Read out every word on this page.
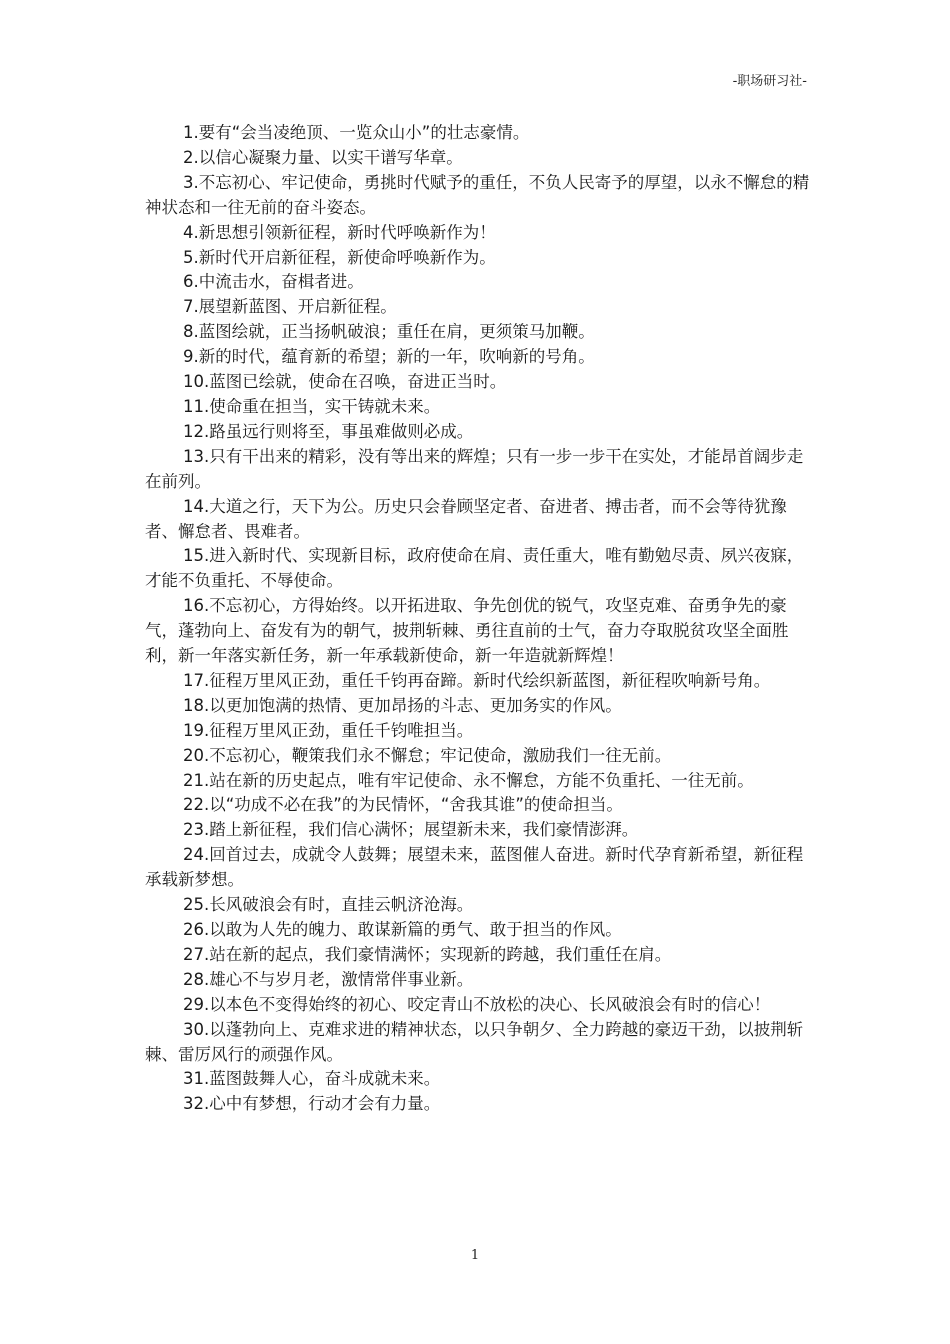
-职场研习社-
1.要有“会当凌绝顶、一览众山小”的壮志豪情。
2.以信心凝聚力量、以实干谱写华章。
3.不忘初心、牢记使命，勇挑时代赋予的重任，不负人民寄予的厚望，以永不懈怠的精神状态和一往无前的奋斗姿态。
4.新思想引领新征程，新时代呼唤新作为！
5.新时代开启新征程，新使命呼唤新作为。
6.中流击水，奋楫者进。
7.展望新蓝图、开启新征程。
8.蓝图绘就，正当扬帆破浪；重任在肩，更须策马加鞭。
9.新的时代，蕴育新的希望；新的一年，吹响新的号角。
10.蓝图已绘就，使命在召唤，奋进正当时。
11.使命重在担当，实干铸就未来。
12.路虽远行则将至，事虽难做则必成。
13.只有干出来的精彩，没有等出来的辉煌；只有一步一步干在实处，才能昂首阔步走在前列。
14.大道之行，天下为公。历史只会眷顾坚定者、奋进者、搏击者，而不会等待犹豫者、懈怠者、畏难者。
15.进入新时代、实现新目标，政府使命在肩、责任重大，唯有勤勉尽责、夙兴夜寐，才能不负重托、不辱使命。
16.不忘初心，方得始终。以开拓进取、争先创优的锐气，攻坚克难、奋勇争先的豪气，蓬勃向上、奋发有为的朝气，披荆斩棘、勇往直前的士气，奋力夺取脱贫攻坚全面胜利，新一年落实新任务，新一年承载新使命，新一年造就新辉煌！
17.征程万里风正劲，重任千钧再奋蹄。新时代绘织新蓝图，新征程吹响新号角。
18.以更加饱满的热情、更加昂扬的斗志、更加务实的作风。
19.征程万里风正劲，重任千钧唯担当。
20.不忘初心，鞭策我们永不懈怠；牢记使命，激励我们一往无前。
21.站在新的历史起点，唯有牢记使命、永不懈怠，方能不负重托、一往无前。
22.以“功成不必在我”的为民情怀，“舍我其谁”的使命担当。
23.踏上新征程，我们信心满怀；展望新未来，我们豪情澎湃。
24.回首过去，成就令人鼓舞；展望未来，蓝图催人奋进。新时代孕育新希望，新征程承载新梦想。
25.长风破浪会有时，直挂云帆济沧海。
26.以敢为人先的魄力、敢谋新篇的勇气、敢于担当的作风。
27.站在新的起点，我们豪情满怀；实现新的跨越，我们重任在肩。
28.雄心不与岁月老，激情常伴事业新。
29.以本色不变得始终的初心、咬定青山不放松的决心、长风破浪会有时的信心！
30.以蓬勃向上、克难求进的精神状态，以只争朝夕、全力跨越的豪迈干劲，以披荆斩棘、雷厉风行的顽强作风。
31.蓝图鼓舞人心，奋斗成就未来。
32.心中有梦想，行动才会有力量。
1
